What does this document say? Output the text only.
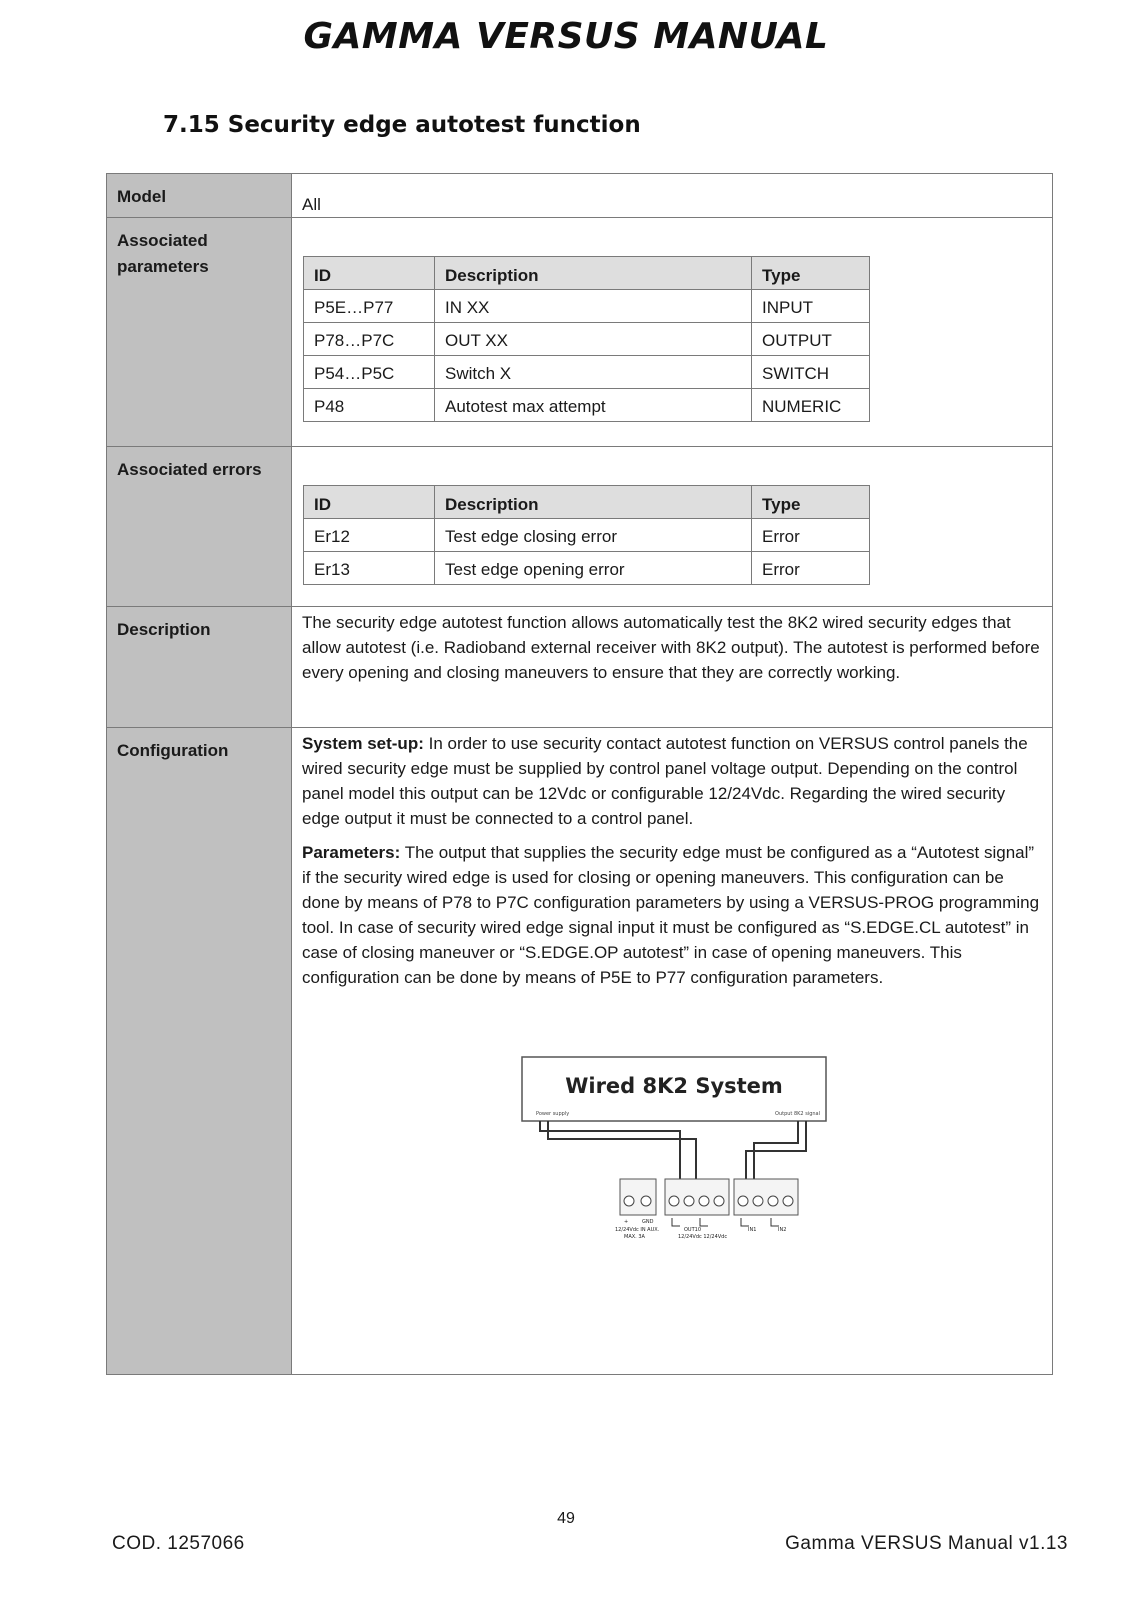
GAMMA VERSUS MANUAL
7.15 Security edge autotest function
Model	All

Associated parameters		ID	Description	Type
P5E…P77	IN XX	INPUT
P78…P7C	OUT XX	OUTPUT
P54…P5C	Switch X	SWITCH
P48	Autotest max attempt	NUMERIC

Associated errors	
ID	Description	Type
Er12	Test edge closing error	Error
Er13	Test edge opening error	Error

Description	The security edge autotest function allows automatically test the 8K2 wired security edges that allow autotest (i.e. Radioband external receiver with 8K2 output). The autotest is performed before every opening and closing maneuvers to ensure that they are correctly working.

Configuration	System set-up: In order to use security contact autotest function on VERSUS control panels the wired security edge must be supplied by control panel voltage output. Depending on the control panel model this output can be 12Vdc or configurable 12/24Vdc. Regarding the wired security edge output it must be connected to a control panel.

Parameters: The output that supplies the security edge must be configured as a “Autotest signal” if the security wired edge is used for closing or opening maneuvers. This configuration can be done by means of P78 to P7C configuration parameters by using a VERSUS-PROG programming tool. In case of security wired edge signal input it must be configured as “S.EDGE.CL autotest” in case of closing maneuver or “S.EDGE.OP autotest” in case of opening maneuvers. This configuration can be done by means of P5E to P77 configuration parameters.

Wired 8K2 System
Power supply	Output 8K2 signal
+	GND
12/24Vdc IN AUX.
MAX. 3A
OUT10
12/24Vdc 12/24Vdc
IN1	IN2
49
COD. 1257066	Gamma VERSUS Manual v1.13
